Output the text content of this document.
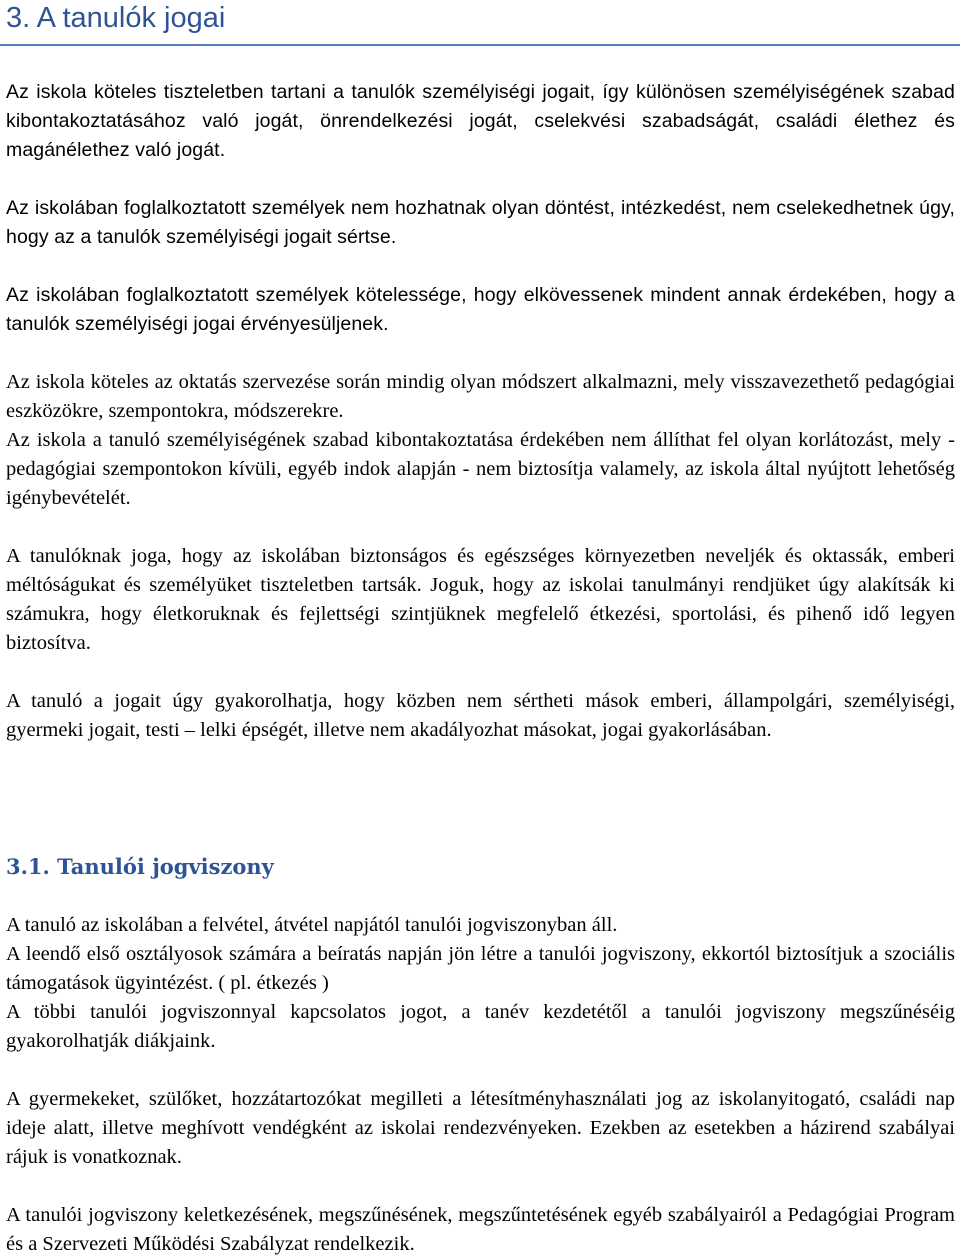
3. A tanulók jogai

Az iskola köteles tiszteletben tartani a tanulók személyiségi jogait, így különösen személyiségének szabad kibontakoztatásához való jogát, önrendelkezési jogát, cselekvési szabadságát, családi élethez és magánélethez való jogát.

Az iskolában foglalkoztatott személyek nem hozhatnak olyan döntést, intézkedést, nem cselekedhetnek úgy, hogy az a tanulók személyiségi jogait sértse.

Az iskolában foglalkoztatott személyek kötelessége, hogy elkövessenek mindent annak érdekében, hogy a tanulók személyiségi jogai érvényesüljenek.

Az iskola köteles az oktatás szervezése során mindig olyan módszert alkalmazni, mely visszavezethető pedagógiai eszközökre, szempontokra, módszerekre.

Az iskola a tanuló személyiségének szabad kibontakoztatása érdekében nem állíthat fel olyan korlátozást, mely - pedagógiai szempontokon kívüli, egyéb indok alapján - nem biztosítja valamely, az iskola által nyújtott lehetőség igénybevételét.

A tanulóknak joga, hogy az iskolában biztonságos és egészséges környezetben neveljék és oktassák, emberi méltóságukat és személyüket tiszteletben tartsák. Joguk, hogy az iskolai tanulmányi rendjüket úgy alakítsák ki számukra, hogy életkoruknak és fejlettségi szintjüknek megfelelő étkezési, sportolási, és pihenő idő legyen biztosítva.

A tanuló a jogait úgy gyakorolhatja, hogy közben nem sértheti mások emberi, állampolgári, személyiségi, gyermeki jogait, testi – lelki épségét, illetve nem akadályozhat másokat, jogai gyakorlásában.

3.1. Tanulói jogviszony

A tanuló az iskolában a felvétel, átvétel napjától tanulói jogviszonyban áll.

A leendő első osztályosok számára a beíratás napján jön létre a tanulói jogviszony, ekkortól biztosítjuk a szociális támogatások ügyintézést. ( pl. étkezés )

A többi tanulói jogviszonnyal kapcsolatos jogot, a tanév kezdetétől a tanulói jogviszony megszűnéséig gyakorolhatják diákjaink.

A gyermekeket, szülőket, hozzátartozókat megilleti a létesítményhasználati jog az iskolanyitogató, családi nap ideje alatt, illetve meghívott vendégként az iskolai rendezvényeken. Ezekben az esetekben a házirend szabályai rájuk is vonatkoznak.

A tanulói jogviszony keletkezésének, megszűnésének, megszűntetésének egyéb szabályairól a Pedagógiai Program és a Szervezeti Működési Szabályzat rendelkezik.
